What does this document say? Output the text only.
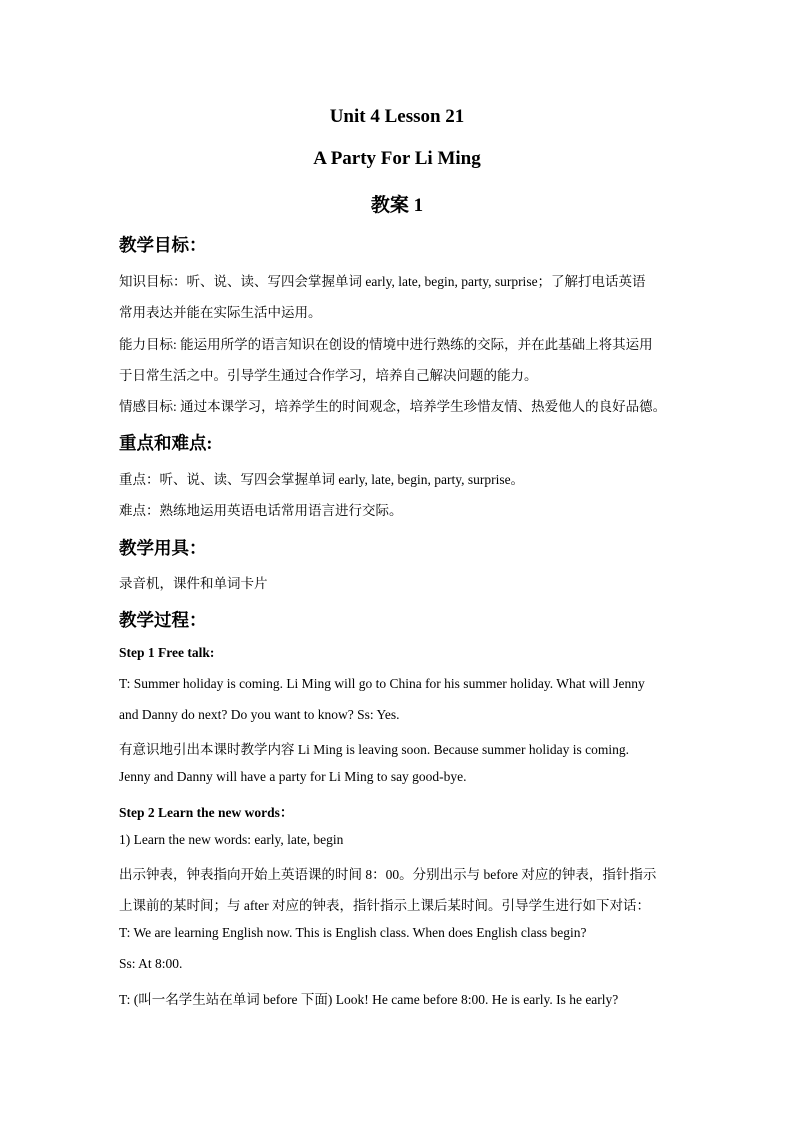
Unit 4 Lesson 21
A Party For Li Ming
教案 1
教学目标：
知识目标：听、说、读、写四会掌握单词 early, late, begin, party, surprise；了解打电话英语
常用表达并能在实际生活中运用。
能力目标: 能运用所学的语言知识在创设的情境中进行熟练的交际，并在此基础上将其运用
于日常生活之中。引导学生通过合作学习，培养自己解决问题的能力。
情感目标: 通过本课学习，培养学生的时间观念，培养学生珍惜友情、热爱他人的良好品德。
重点和难点:
重点：听、说、读、写四会掌握单词 early, late, begin, party, surprise。
难点：熟练地运用英语电话常用语言进行交际。
教学用具：
录音机，课件和单词卡片
教学过程：
Step 1 Free talk:
T: Summer holiday is coming. Li Ming will go to China for his summer holiday. What will Jenny
and Danny do next? Do you want to know? Ss: Yes.
有意识地引出本课时教学内容 Li Ming is leaving soon. Because summer holiday is coming.
Jenny and Danny will have a party for Li Ming to say good-bye.
Step 2 Learn the new words：
1) Learn the new words: early, late, begin
出示钟表，钟表指向开始上英语课的时间 8：00。分别出示与 before 对应的钟表，指针指示
上课前的某时间；与 after 对应的钟表，指针指示上课后某时间。引导学生进行如下对话：
T: We are learning English now. This is English class. When does English class begin?
Ss: At 8:00.
T: (叫一名学生站在单词 before 下面) Look! He came before 8:00. He is early. Is he early?
